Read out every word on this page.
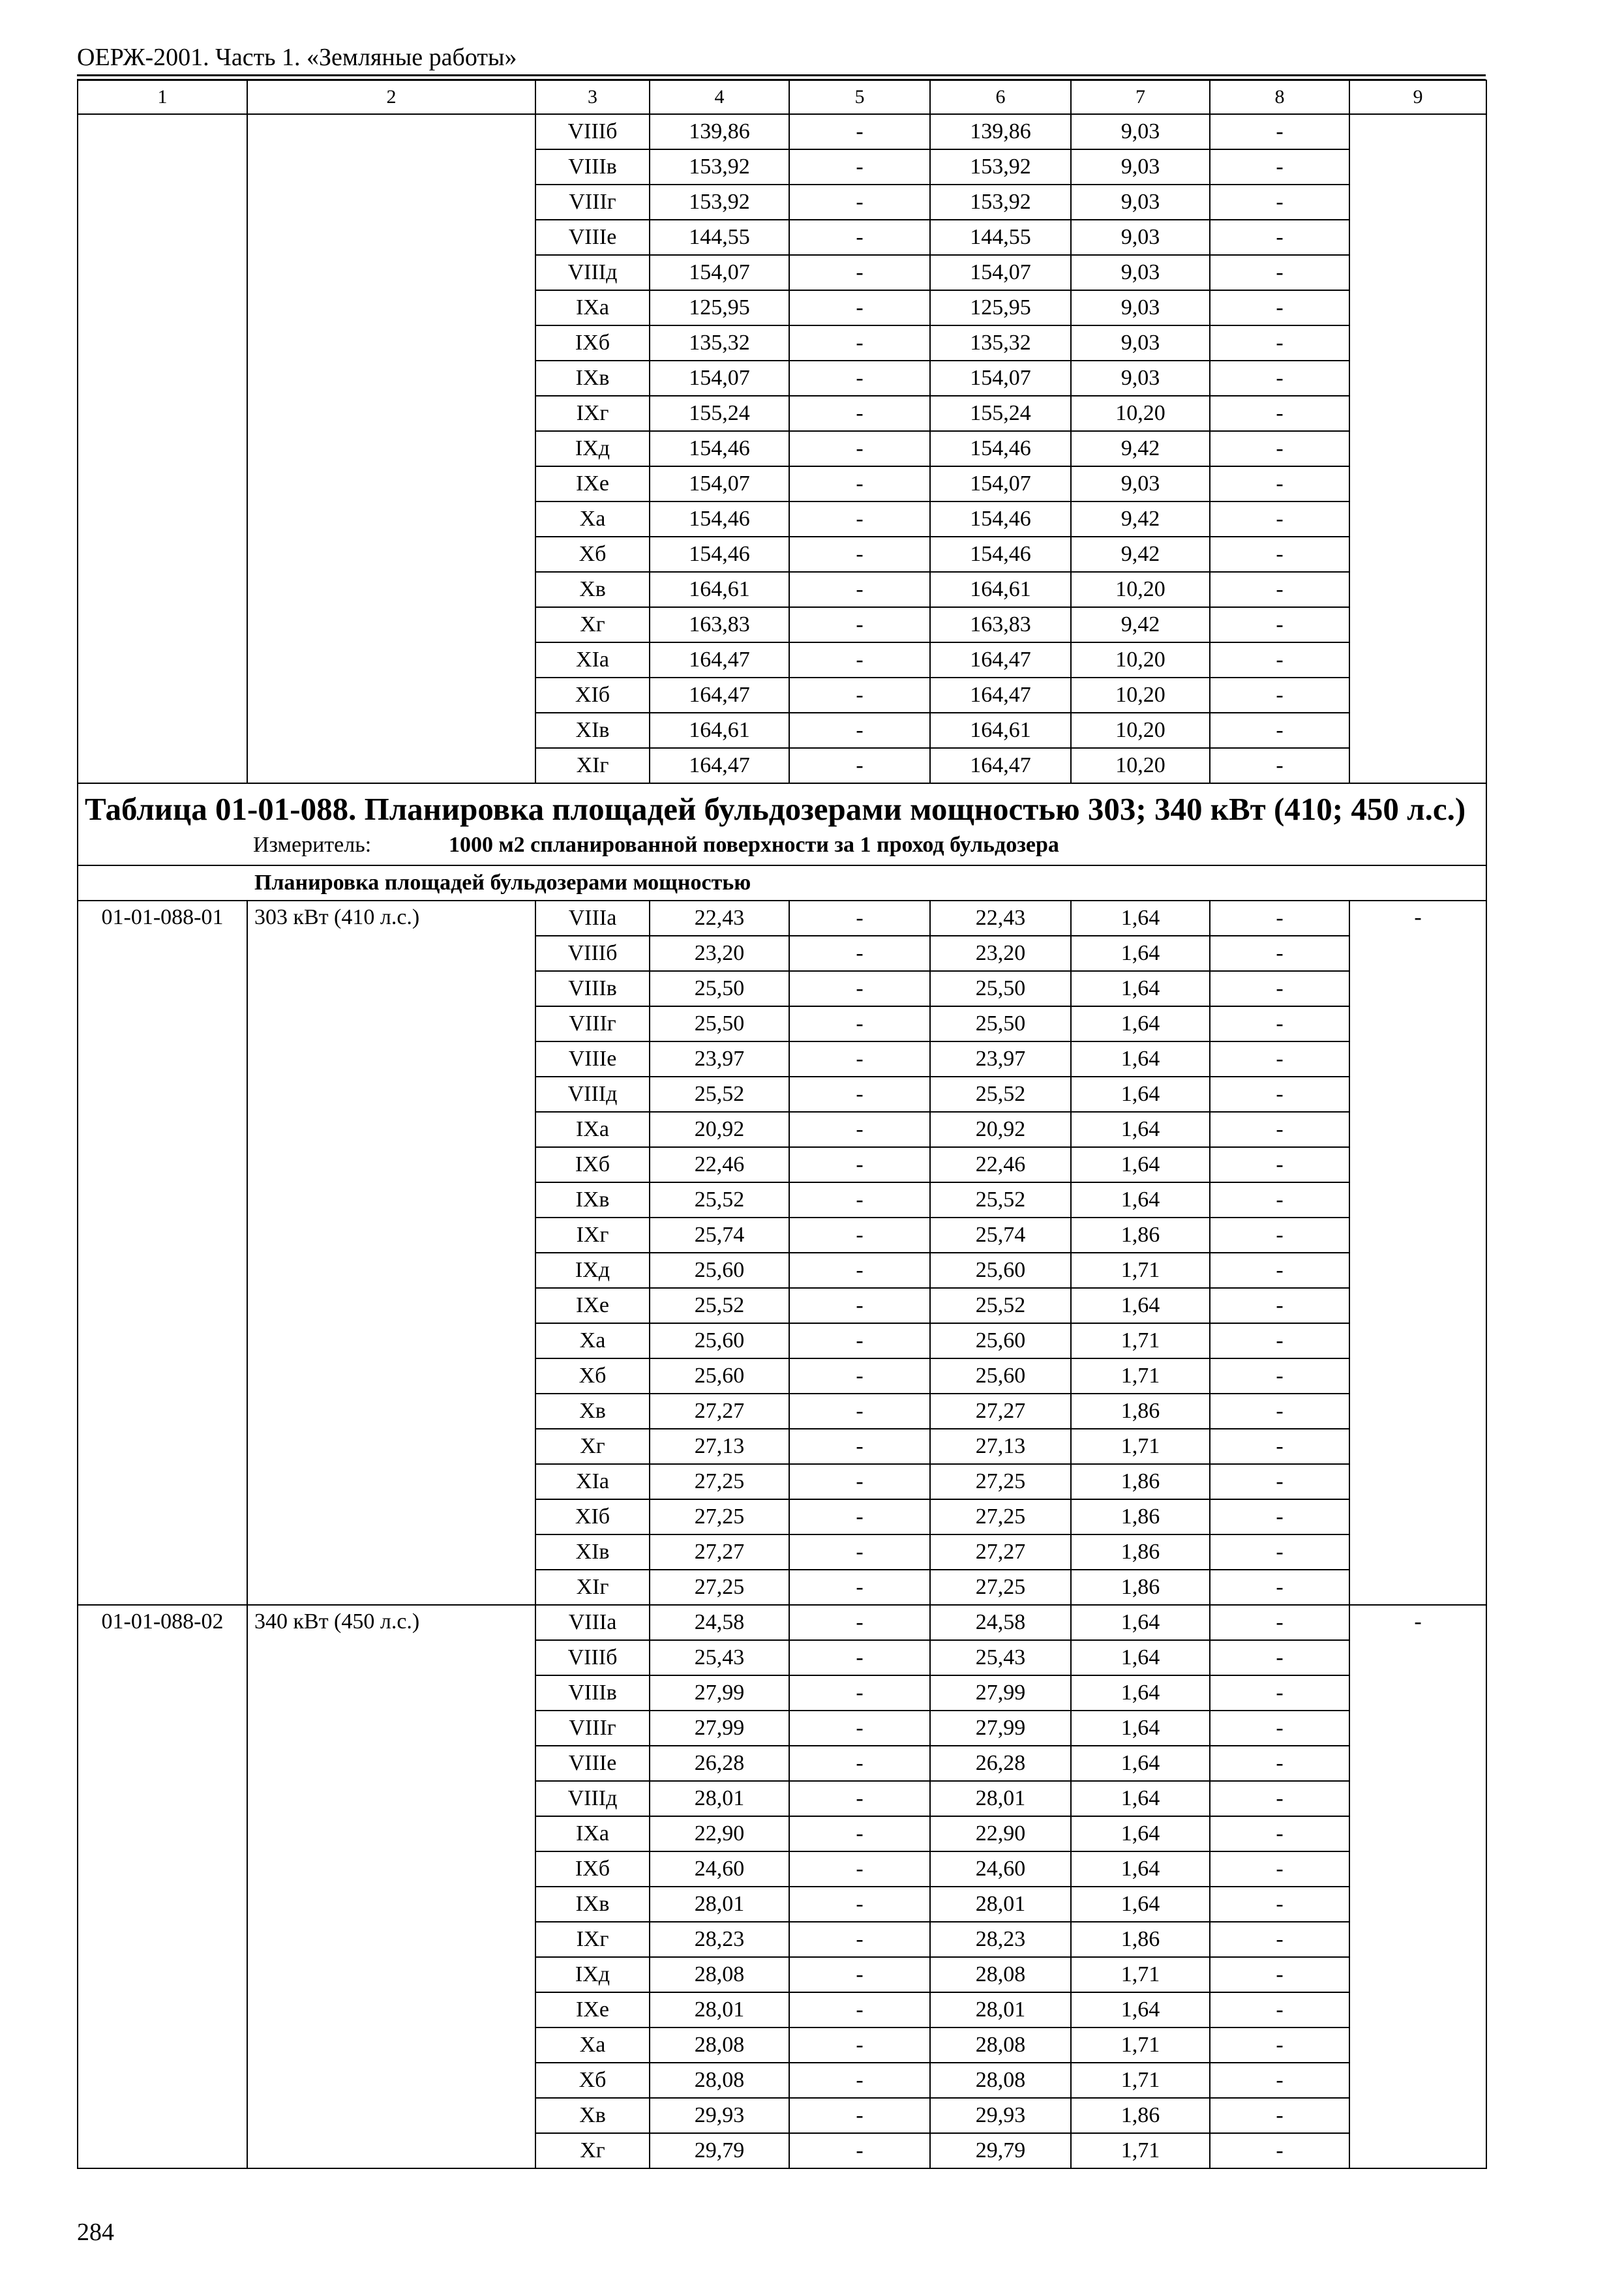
ОЕРЖ-2001. Часть 1. «Земляные работы»
1	2	3	4	5	6	7	8	9
		VIIIб	139,86	-	139,86	9,03	-	
		VIIIв	153,92	-	153,92	9,03	-	
		VIIIг	153,92	-	153,92	9,03	-	
		VIIIе	144,55	-	144,55	9,03	-	
		VIIIд	154,07	-	154,07	9,03	-	
		IXа	125,95	-	125,95	9,03	-	
		IXб	135,32	-	135,32	9,03	-	
		IXв	154,07	-	154,07	9,03	-	
		IXг	155,24	-	155,24	10,20	-	
		IXд	154,46	-	154,46	9,42	-	
		IXе	154,07	-	154,07	9,03	-	
		Xа	154,46	-	154,46	9,42	-	
		Xб	154,46	-	154,46	9,42	-	
		Xв	164,61	-	164,61	10,20	-	
		Xг	163,83	-	163,83	9,42	-	
		XIа	164,47	-	164,47	10,20	-	
		XIб	164,47	-	164,47	10,20	-	
		XIв	164,61	-	164,61	10,20	-	
		XIг	164,47	-	164,47	10,20	-	

Таблица 01-01-088. Планировка площадей бульдозерами мощностью 303; 340 кВт (410; 450 л.с.)
Измеритель: 1000 м2 спланированной поверхности за 1 проход бульдозера								

Планировка площадей бульдозерами мощностью								
01-01-088-01	303 кВт (410 л.с.)	VIIIа	22,43	-	22,43	1,64	-	-
		VIIIб	23,20	-	23,20	1,64	-	
		VIIIв	25,50	-	25,50	1,64	-	
		VIIIг	25,50	-	25,50	1,64	-	
		VIIIе	23,97	-	23,97	1,64	-	
		VIIIд	25,52	-	25,52	1,64	-	
		IXа	20,92	-	20,92	1,64	-	
		IXб	22,46	-	22,46	1,64	-	
		IXв	25,52	-	25,52	1,64	-	
		IXг	25,74	-	25,74	1,86	-	
		IXд	25,60	-	25,60	1,71	-	
		IXе	25,52	-	25,52	1,64	-	
		Xа	25,60	-	25,60	1,71	-	
		Xб	25,60	-	25,60	1,71	-	
		Xв	27,27	-	27,27	1,86	-	
		Xг	27,13	-	27,13	1,71	-	
		XIа	27,25	-	27,25	1,86	-	
		XIб	27,25	-	27,25	1,86	-	
		XIв	27,27	-	27,27	1,86	-	
		XIг	27,25	-	27,25	1,86	-	
01-01-088-02	340 кВт (450 л.с.)	VIIIа	24,58	-	24,58	1,64	-	-
		VIIIб	25,43	-	25,43	1,64	-	
		VIIIв	27,99	-	27,99	1,64	-	
		VIIIг	27,99	-	27,99	1,64	-	
		VIIIе	26,28	-	26,28	1,64	-	
		VIIIд	28,01	-	28,01	1,64	-	
		IXа	22,90	-	22,90	1,64	-	
		IXб	24,60	-	24,60	1,64	-	
		IXв	28,01	-	28,01	1,64	-	
		IXг	28,23	-	28,23	1,86	-	
		IXд	28,08	-	28,08	1,71	-	
		IXе	28,01	-	28,01	1,64	-	
		Xа	28,08	-	28,08	1,71	-	
		Xб	28,08	-	28,08	1,71	-	
		Xв	29,93	-	29,93	1,86	-	
		Xг	29,79	-	29,79	1,71	-	
284
